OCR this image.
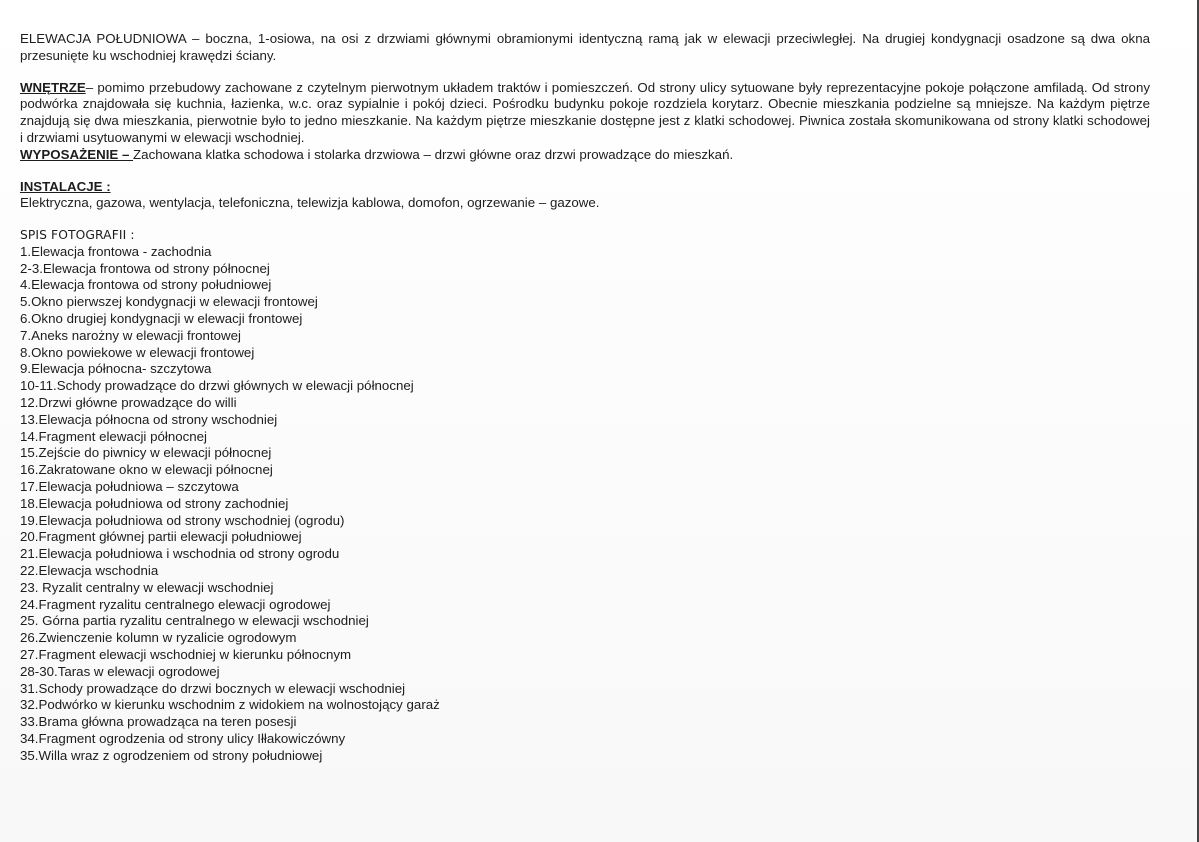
ELEWACJA POŁUDNIOWA – boczna, 1-osiowa, na osi z drzwiami głównymi obramionymi identyczną ramą jak w elewacji przeciwległej. Na drugiej kondygnacji osadzone są dwa okna przesunięte ku wschodniej krawędzi ściany.

WNĘTRZE– pomimo przebudowy zachowane z czytelnym pierwotnym układem traktów i pomieszczeń. Od strony ulicy sytuowane były reprezentacyjne pokoje połączone amfiladą. Od strony podwórka znajdowała się kuchnia, łazienka, w.c. oraz sypialnie i pokój dzieci. Pośrodku budynku pokoje rozdziela korytarz. Obecnie mieszkania podzielne są mniejsze. Na każdym piętrze znajdują się dwa mieszkania, pierwotnie było to jedno mieszkanie. Na każdym piętrze mieszkanie dostępne jest z klatki schodowej. Piwnica została skomunikowana od strony klatki schodowej i drzwiami usytuowanymi w elewacji wschodniej.

WYPOSAŻENIE – Zachowana klatka schodowa i stolarka drzwiowa – drzwi główne oraz drzwi prowadzące do mieszkań.

INSTALACJE :

Elektryczna, gazowa, wentylacja, telefoniczna, telewizja kablowa, domofon, ogrzewanie – gazowe.

SPIS FOTOGRAFII :

1.Elewacja frontowa - zachodnia
2-3.Elewacja frontowa od strony północnej
4.Elewacja frontowa od strony południowej
5.Okno pierwszej kondygnacji w elewacji frontowej
6.Okno drugiej kondygnacji w elewacji frontowej
7.Aneks narożny w elewacji frontowej
8.Okno powiekowe w elewacji frontowej
9.Elewacja północna- szczytowa
10-11.Schody prowadzące do drzwi głównych w elewacji północnej
12.Drzwi główne prowadzące do willi
13.Elewacja północna od strony wschodniej
14.Fragment elewacji północnej
15.Zejście do piwnicy w elewacji północnej
16.Zakratowane okno w elewacji północnej
17.Elewacja południowa – szczytowa
18.Elewacja południowa od strony zachodniej
19.Elewacja południowa od strony wschodniej (ogrodu)
20.Fragment głównej partii elewacji południowej
21.Elewacja południowa i wschodnia od strony ogrodu
22.Elewacja wschodnia
23. Ryzalit centralny w elewacji wschodniej
24.Fragment ryzalitu centralnego elewacji ogrodowej
25. Górna partia ryzalitu centralnego w elewacji wschodniej
26.Zwienczenie kolumn w ryzalicie ogrodowym
27.Fragment elewacji wschodniej w kierunku północnym
28-30.Taras w elewacji ogrodowej
31.Schody prowadzące do drzwi bocznych w elewacji wschodniej
32.Podwórko w kierunku wschodnim z widokiem na wolnostojący garaż
33.Brama główna prowadząca na teren posesji
34.Fragment ogrodzenia od strony ulicy Iłłakowiczówny
35.Willa wraz z ogrodzeniem od strony południowej
